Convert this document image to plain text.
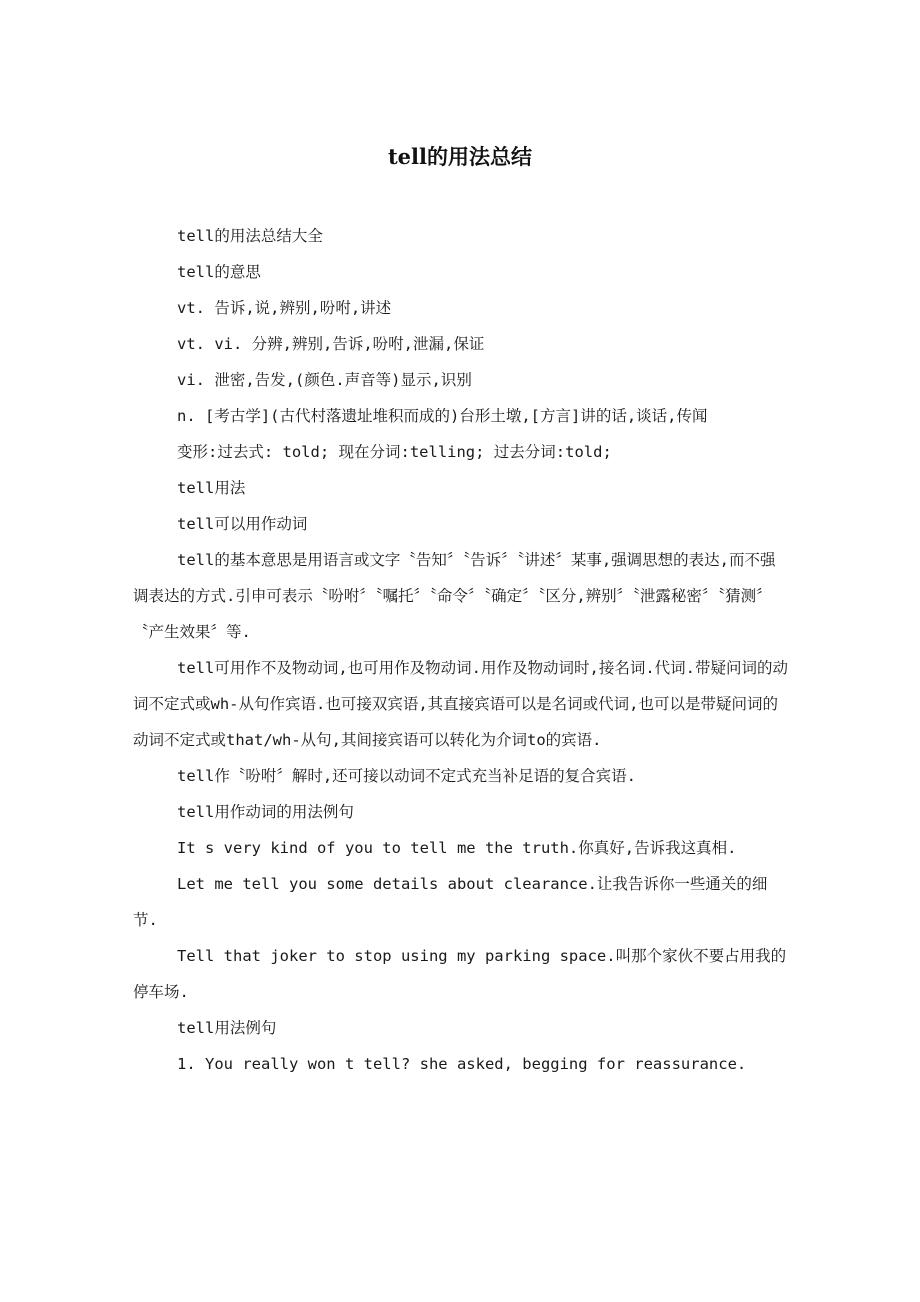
tell的用法总结

tell的用法总结大全

tell的意思

vt. 告诉,说,辨别,吩咐,讲述

vt. vi. 分辨,辨别,告诉,吩咐,泄漏,保证

vi. 泄密,告发,(颜色.声音等)显示,识别

n. [考古学](古代村落遗址堆积而成的)台形土墩,[方言]讲的话,谈话,传闻

变形:过去式: told; 现在分词:telling; 过去分词:told;

tell用法

tell可以用作动词

tell的基本意思是用语言或文字〝告知〞〝告诉〞〝讲述〞某事,强调思想的表达,而不强调表达的方式.引申可表示〝吩咐〞〝嘱托〞〝命令〞〝确定〞〝区分,辨别〞〝泄露秘密〞〝猜测〞〝产生效果〞等.

tell可用作不及物动词,也可用作及物动词.用作及物动词时,接名词.代词.带疑问词的动词不定式或wh-从句作宾语.也可接双宾语,其直接宾语可以是名词或代词,也可以是带疑问词的动词不定式或that/wh-从句,其间接宾语可以转化为介词to的宾语.

tell作〝吩咐〞解时,还可接以动词不定式充当补足语的复合宾语.

tell用作动词的用法例句

It s very kind of you to tell me the truth.你真好,告诉我这真相.

Let me tell you some details about clearance.让我告诉你一些通关的细节.

Tell that joker to stop using my parking space.叫那个家伙不要占用我的停车场.

tell用法例句

1. You really won t tell? she asked, begging for reassurance.
